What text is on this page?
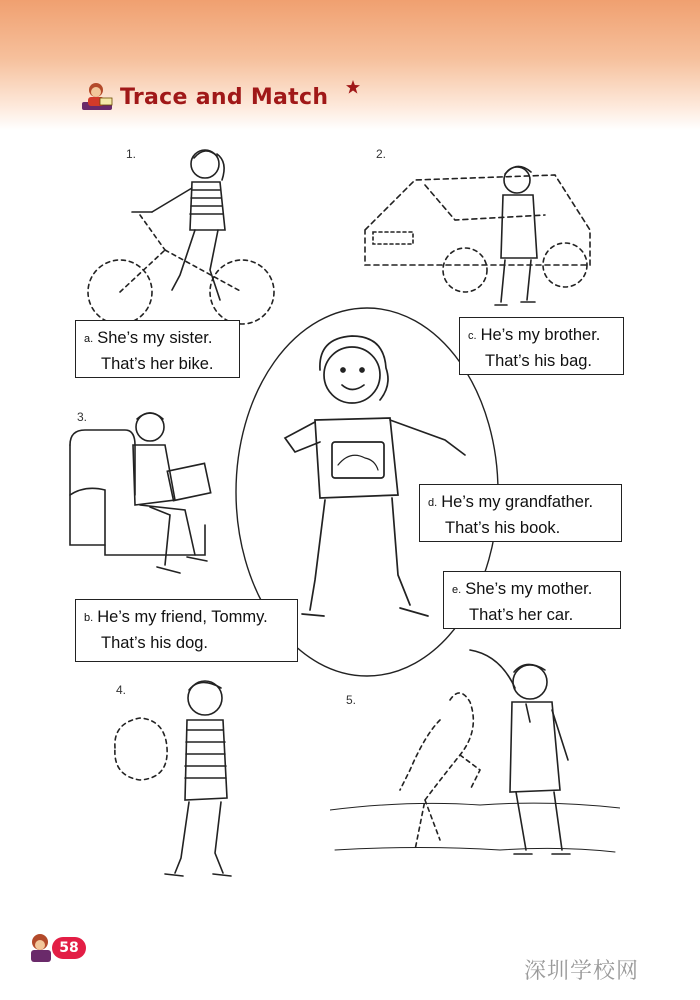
Trace and Match
1.	2.
3.
4.
5.
a. She’s my sister.
That’s her bike.
c. He’s my brother.
That’s his bag.
d. He’s my grandfather.
That’s his book.
e. She’s my mother.
That’s her car.
b. He’s my friend, Tommy.
That’s his dog.
58
深圳学校网
